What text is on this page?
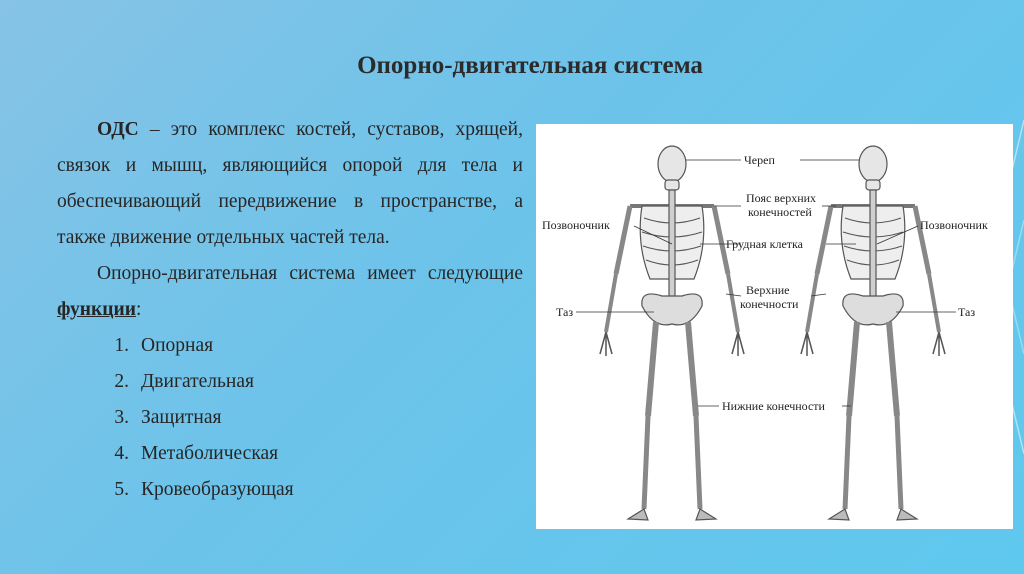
Опорно-двигательная система

ОДС – это комплекс костей, суставов, хрящей, связок и мышц, являющийся опорой для тела и обеспечивающий передвижение в пространстве, а также движение отдельных частей тела.

Опорно-двигательная система имеет следующие функции:

1. Опорная
2. Двигательная
3. Защитная
4. Метаболическая
5. Кровеобразующая
Череп
Пояс верхних
конечностей
Позвоночник	Позвоночник
Грудная клетка
Верхние
конечности
Таз	Таз
Нижние конечности
